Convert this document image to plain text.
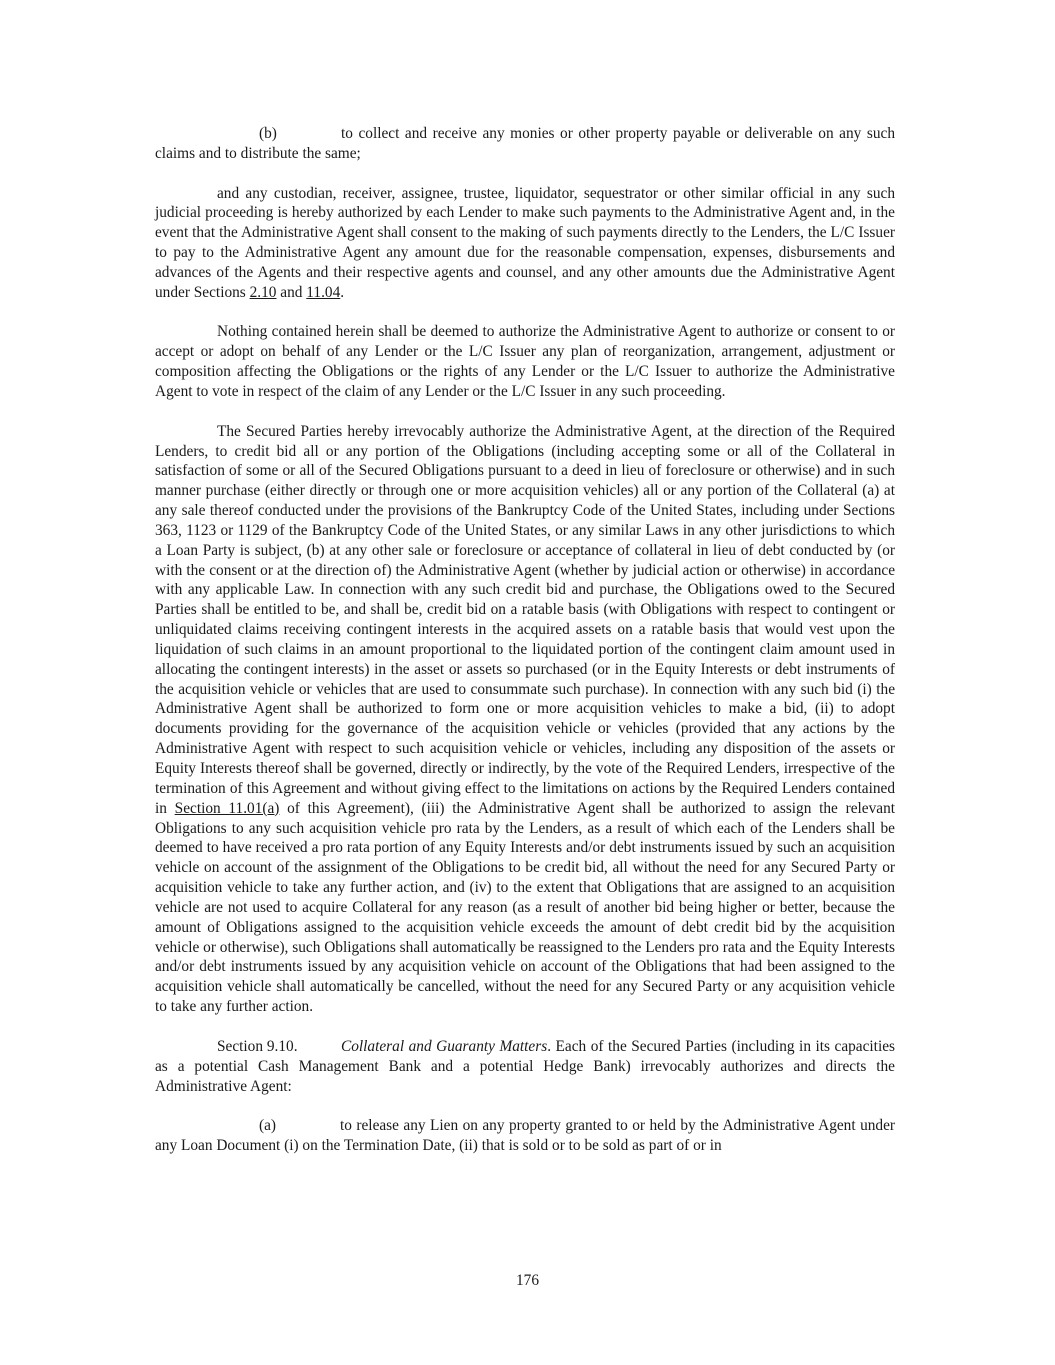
(b)	to collect and receive any monies or other property payable or deliverable on any such claims and to distribute the same;

and any custodian, receiver, assignee, trustee, liquidator, sequestrator or other similar official in any such judicial proceeding is hereby authorized by each Lender to make such payments to the Administrative Agent and, in the event that the Administrative Agent shall consent to the making of such payments directly to the Lenders, the L/C Issuer to pay to the Administrative Agent any amount due for the reasonable compensation, expenses, disbursements and advances of the Agents and their respective agents and counsel, and any other amounts due the Administrative Agent under Sections 2.10 and 11.04.

Nothing contained herein shall be deemed to authorize the Administrative Agent to authorize or consent to or accept or adopt on behalf of any Lender or the L/C Issuer any plan of reorganization, arrangement, adjustment or composition affecting the Obligations or the rights of any Lender or the L/C Issuer to authorize the Administrative Agent to vote in respect of the claim of any Lender or the L/C Issuer in any such proceeding.

The Secured Parties hereby irrevocably authorize the Administrative Agent, at the direction of the Required Lenders, to credit bid all or any portion of the Obligations (including accepting some or all of the Collateral in satisfaction of some or all of the Secured Obligations pursuant to a deed in lieu of foreclosure or otherwise) and in such manner purchase (either directly or through one or more acquisition vehicles) all or any portion of the Collateral (a) at any sale thereof conducted under the provisions of the Bankruptcy Code of the United States, including under Sections 363, 1123 or 1129 of the Bankruptcy Code of the United States, or any similar Laws in any other jurisdictions to which a Loan Party is subject, (b) at any other sale or foreclosure or acceptance of collateral in lieu of debt conducted by (or with the consent or at the direction of) the Administrative Agent (whether by judicial action or otherwise) in accordance with any applicable Law. In connection with any such credit bid and purchase, the Obligations owed to the Secured Parties shall be entitled to be, and shall be, credit bid on a ratable basis (with Obligations with respect to contingent or unliquidated claims receiving contingent interests in the acquired assets on a ratable basis that would vest upon the liquidation of such claims in an amount proportional to the liquidated portion of the contingent claim amount used in allocating the contingent interests) in the asset or assets so purchased (or in the Equity Interests or debt instruments of the acquisition vehicle or vehicles that are used to consummate such purchase). In connection with any such bid (i) the Administrative Agent shall be authorized to form one or more acquisition vehicles to make a bid, (ii) to adopt documents providing for the governance of the acquisition vehicle or vehicles (provided that any actions by the Administrative Agent with respect to such acquisition vehicle or vehicles, including any disposition of the assets or Equity Interests thereof shall be governed, directly or indirectly, by the vote of the Required Lenders, irrespective of the termination of this Agreement and without giving effect to the limitations on actions by the Required Lenders contained in Section 11.01(a) of this Agreement), (iii) the Administrative Agent shall be authorized to assign the relevant Obligations to any such acquisition vehicle pro rata by the Lenders, as a result of which each of the Lenders shall be deemed to have received a pro rata portion of any Equity Interests and/or debt instruments issued by such an acquisition vehicle on account of the assignment of the Obligations to be credit bid, all without the need for any Secured Party or acquisition vehicle to take any further action, and (iv) to the extent that Obligations that are assigned to an acquisition vehicle are not used to acquire Collateral for any reason (as a result of another bid being higher or better, because the amount of Obligations assigned to the acquisition vehicle exceeds the amount of debt credit bid by the acquisition vehicle or otherwise), such Obligations shall automatically be reassigned to the Lenders pro rata and the Equity Interests and/or debt instruments issued by any acquisition vehicle on account of the Obligations that had been assigned to the acquisition vehicle shall automatically be cancelled, without the need for any Secured Party or any acquisition vehicle to take any further action.

Section 9.10.	Collateral and Guaranty Matters. Each of the Secured Parties (including in its capacities as a potential Cash Management Bank and a potential Hedge Bank) irrevocably authorizes and directs the Administrative Agent:

(a)	to release any Lien on any property granted to or held by the Administrative Agent under any Loan Document (i) on the Termination Date, (ii) that is sold or to be sold as part of or in

176
